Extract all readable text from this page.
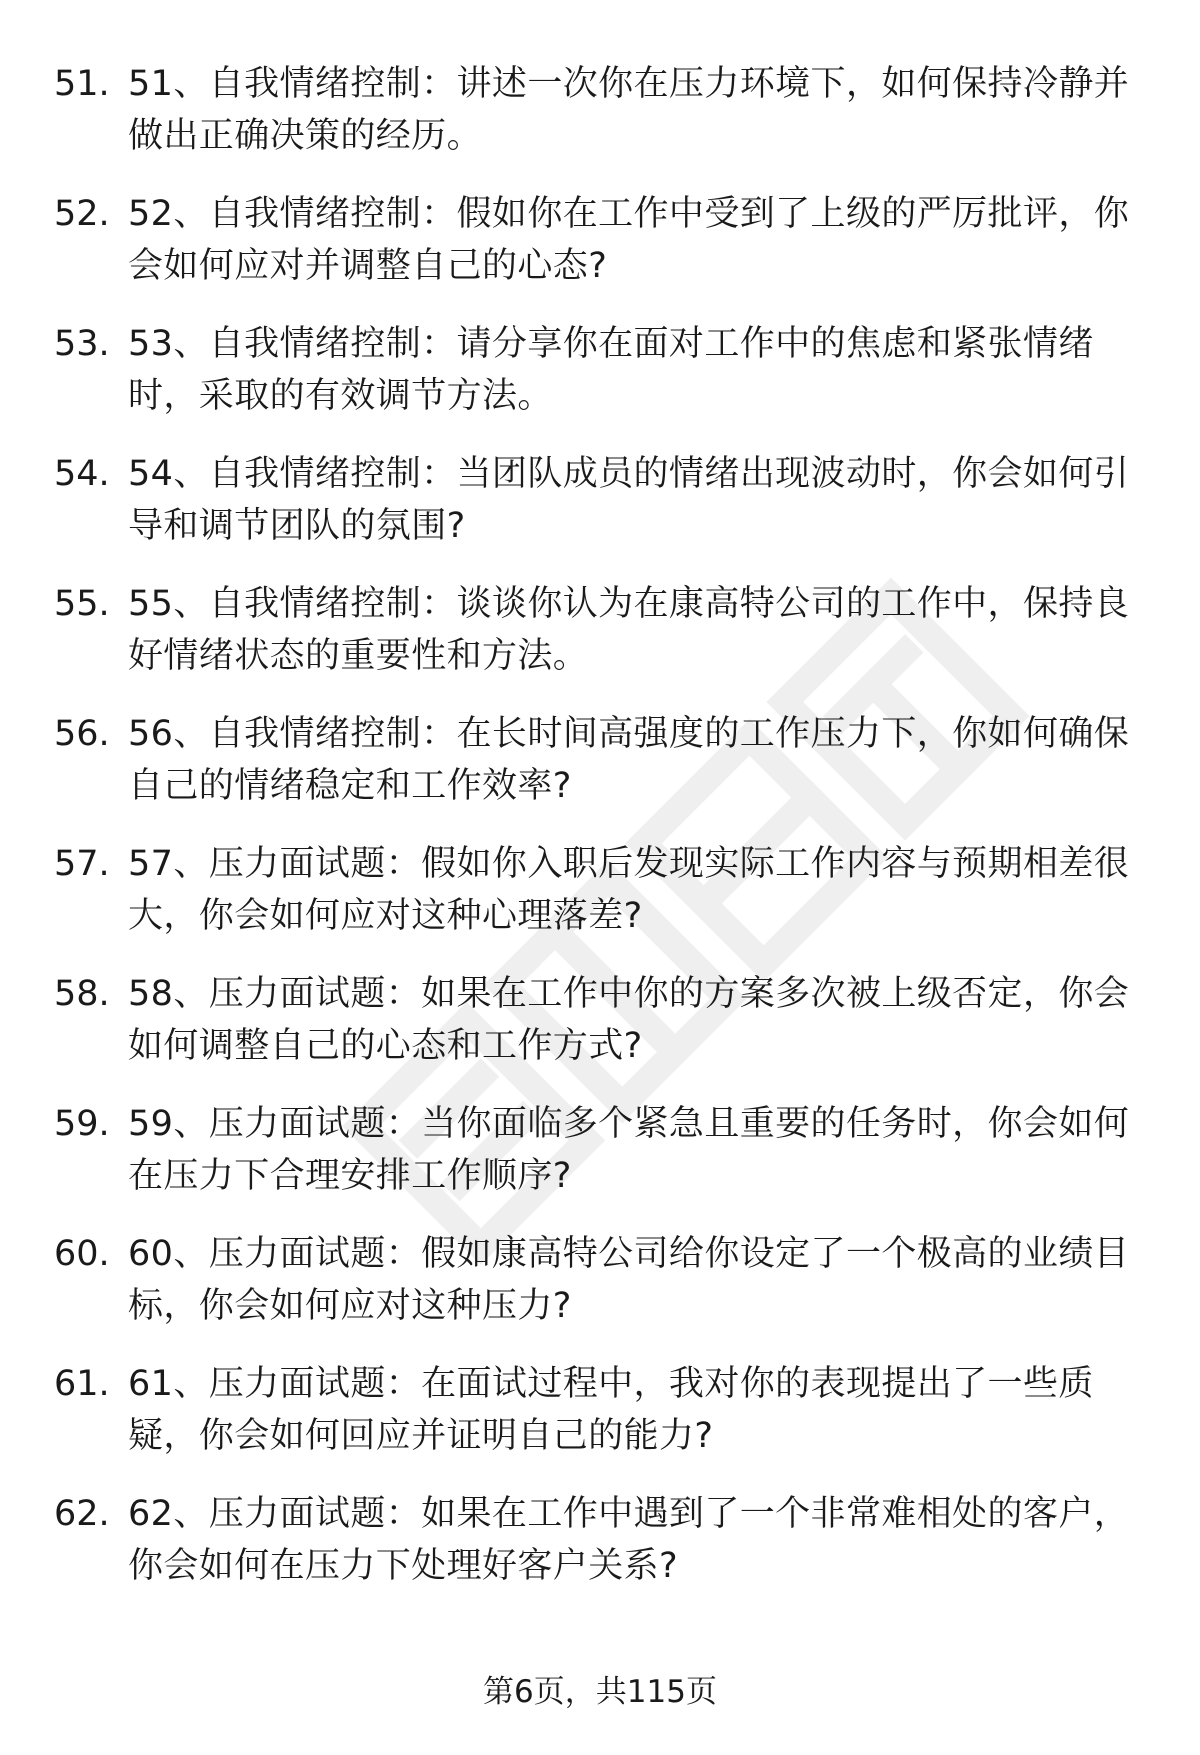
51. 51、自我情绪控制：讲述一次你在压力环境下，如何保持冷静并做出正确决策的经历。
52. 52、自我情绪控制：假如你在工作中受到了上级的严厉批评，你会如何应对并调整自己的心态?
53. 53、自我情绪控制：请分享你在面对工作中的焦虑和紧张情绪时，采取的有效调节方法。
54. 54、自我情绪控制：当团队成员的情绪出现波动时，你会如何引导和调节团队的氛围?
55. 55、自我情绪控制：谈谈你认为在康高特公司的工作中，保持良好情绪状态的重要性和方法。
56. 56、自我情绪控制：在长时间高强度的工作压力下，你如何确保自己的情绪稳定和工作效率?
57. 57、压力面试题：假如你入职后发现实际工作内容与预期相差很大，你会如何应对这种心理落差?
58. 58、压力面试题：如果在工作中你的方案多次被上级否定，你会如何调整自己的心态和工作方式?
59. 59、压力面试题：当你面临多个紧急且重要的任务时，你会如何在压力下合理安排工作顺序?
60. 60、压力面试题：假如康高特公司给你设定了一个极高的业绩目标，你会如何应对这种压力?
61. 61、压力面试题：在面试过程中，我对你的表现提出了一些质疑，你会如何回应并证明自己的能力?
62. 62、压力面试题：如果在工作中遇到了一个非常难相处的客户，你会如何在压力下处理好客户关系?
第6页，共115页
